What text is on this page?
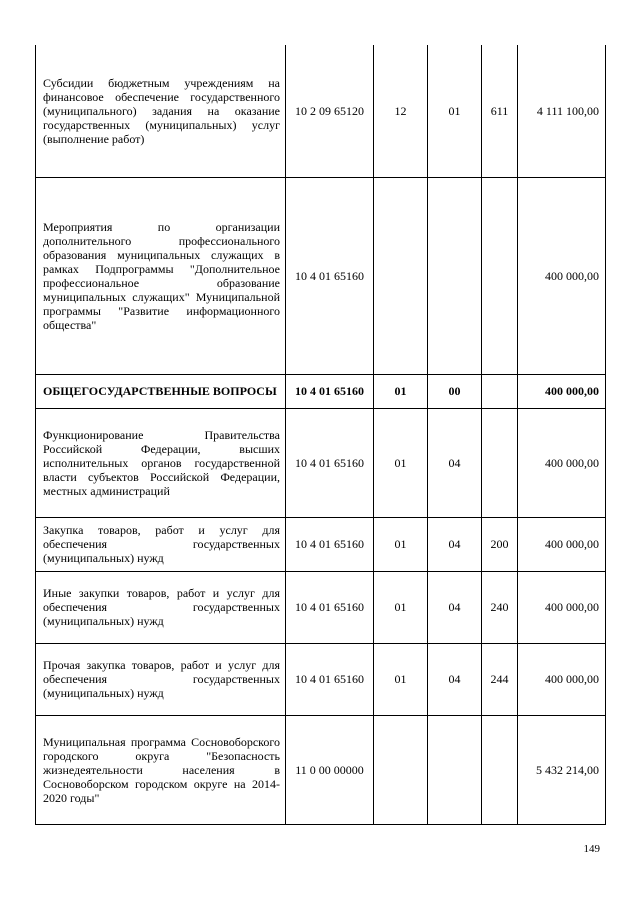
Субсидии бюджетным учреждениям на финансовое обеспечение государственного (муниципального) задания на оказание государственных (муниципальных) услуг (выполнение работ)	10 2 09 65120	12	01	611	4 111 100,00
Мероприятия по организации дополнительного профессионального образования муниципальных служащих в рамках Подпрограммы "Дополнительное профессиональное образование муниципальных служащих" Муниципальной программы "Развитие информационного общества"	10 4 01 65160				400 000,00
ОБЩЕГОСУДАРСТВЕННЫЕ ВОПРОСЫ	10 4 01 65160	01	00		400 000,00
Функционирование Правительства Российской Федерации, высших исполнительных органов государственной власти субъектов Российской Федерации, местных администраций	10 4 01 65160	01	04		400 000,00
Закупка товаров, работ и услуг для обеспечения государственных (муниципальных) нужд	10 4 01 65160	01	04	200	400 000,00
Иные закупки товаров, работ и услуг для обеспечения государственных (муниципальных) нужд	10 4 01 65160	01	04	240	400 000,00
Прочая закупка товаров, работ и услуг для обеспечения государственных (муниципальных) нужд	10 4 01 65160	01	04	244	400 000,00
Муниципальная программа Сосновоборского городского округа "Безопасность жизнедеятельности населения в Сосновоборском городском округе на 2014-2020 годы"	11 0 00 00000				5 432 214,00
149
